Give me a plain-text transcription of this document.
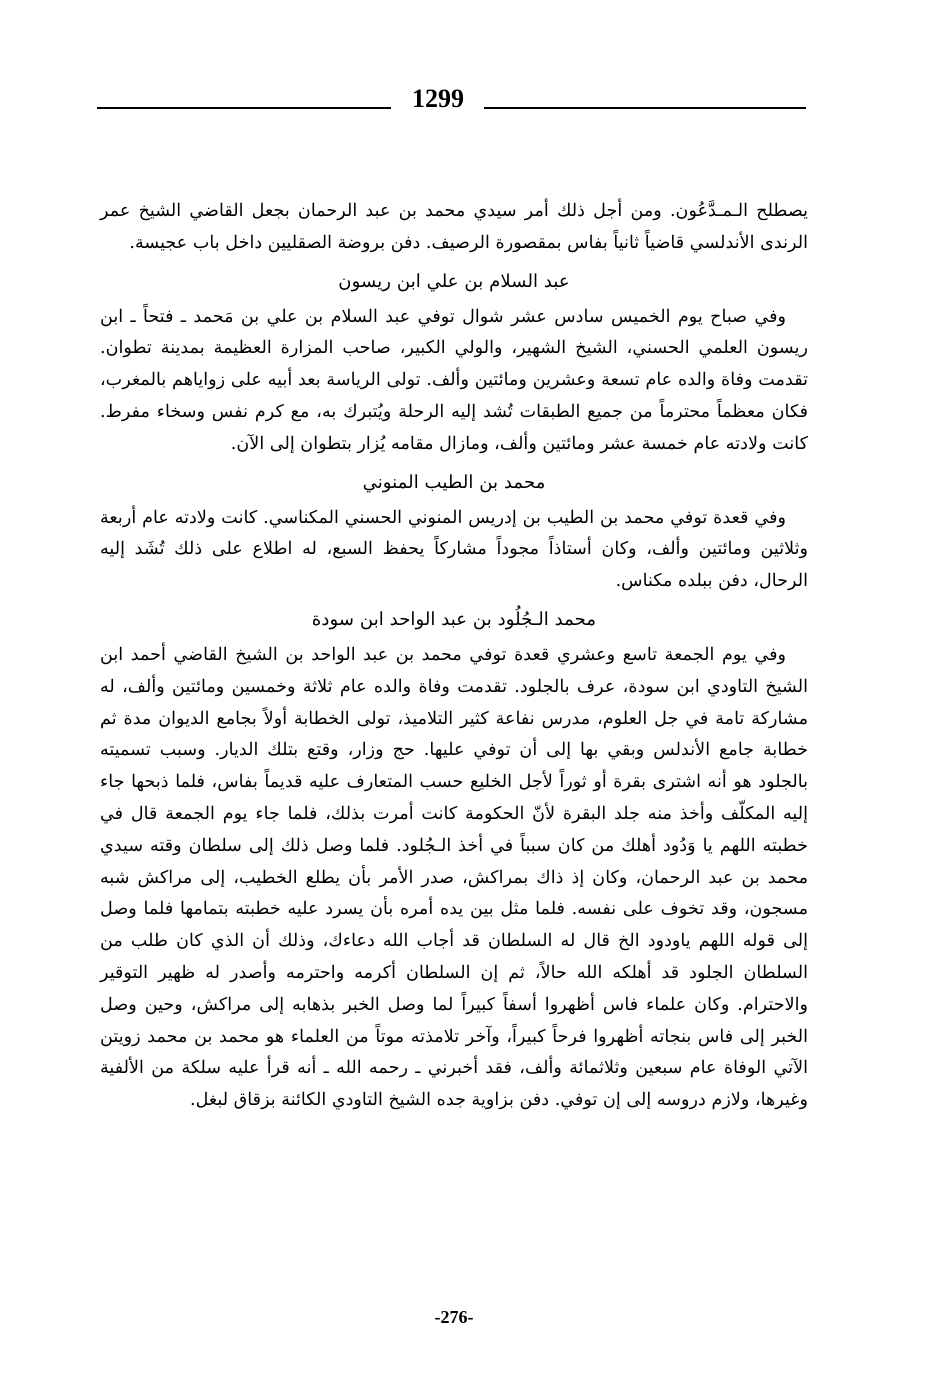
1299

يصطلح الـمـدَّعُون. ومن أجل ذلك أمر سيدي محمد بن عبد الرحمان بجعل القاضي الشيخ عمر الرندى الأندلسي قاضياً ثانياً بفاس بمقصورة الرصيف. دفن بروضة الصقليين داخل باب عجيسة.

عبد السلام بن علي ابن ريسون

وفي صباح يوم الخميس سادس عشر شوال توفي عبد السلام بن علي بن مَحمد ـ فتحاً ـ ابن ريسون العلمي الحسني، الشيخ الشهير، والولي الكبير، صاحب المزارة العظيمة بمدينة تطوان. تقدمت وفاة والده عام تسعة وعشرين ومائتين وألف. تولى الرياسة بعد أبيه على زواياهم بالمغرب، فكان معظماً محترماً من جميع الطبقات تُشد إليه الرحلة ويُتبرك به، مع كرم نفس وسخاء مفرط. كانت ولادته عام خمسة عشر ومائتين وألف، ومازال مقامه يُزار بتطوان إلى الآن.

محمد بن الطيب المنوني

وفي قعدة توفي محمد بن الطيب بن إدريس المنوني الحسني المكناسي. كانت ولادته عام أربعة وثلاثين ومائتين وألف، وكان أستاذاً مجوداً مشاركاً يحفظ السبع، له اطلاع على ذلك تُشَد إليه الرحال، دفن ببلده مكناس.

محمد الـجُلُود بن عبد الواحد ابن سودة

وفي يوم الجمعة تاسع وعشري قعدة توفي محمد بن عبد الواحد بن الشيخ القاضي أحمد ابن الشيخ التاودي ابن سودة، عرف بالجلود. تقدمت وفاة والده عام ثلاثة وخمسين ومائتين وألف، له مشاركة تامة في جل العلوم، مدرس نفاعة كثير التلاميذ، تولى الخطابة أولاً بجامع الديوان مدة ثم خطابة جامع الأندلس وبقي بها إلى أن توفي عليها. حج وزار، وقتع بتلك الديار. وسبب تسميته بالجلود هو أنه اشترى بقرة أو ثوراً لأجل الخليع حسب المتعارف عليه قديماً بفاس، فلما ذبحها جاء إليه المكلّف وأخذ منه جلد البقرة لأنّ الحكومة كانت أمرت بذلك، فلما جاء يوم الجمعة قال في خطبته اللهم يا وَدُود أهلك من كان سبباً في أخذ الـجُلود. فلما وصل ذلك إلى سلطان وقته سيدي محمد بن عبد الرحمان، وكان إذ ذاك بمراكش، صدر الأمر بأن يطلع الخطيب، إلى مراكش شبه مسجون، وقد تخوف على نفسه. فلما مثل بين يده أمره بأن يسرد عليه خطبته بتمامها فلما وصل إلى قوله اللهم ياودود الخ قال له السلطان قد أجاب الله دعاءك، وذلك أن الذي كان طلب من السلطان الجلود قد أهلكه الله حالاً، ثم إن السلطان أكرمه واحترمه وأصدر له ظهير التوقير والاحترام. وكان علماء فاس أظهروا أسفاً كبيراً لما وصل الخبر بذهابه إلى مراكش، وحين وصل الخبر إلى فاس بنجاته أظهروا فرحاً كبيراً، وآخر تلامذته موتاً من العلماء هو محمد بن محمد زويتن الآتي الوفاة عام سبعين وثلاثمائة وألف، فقد أخبرني ـ رحمه الله ـ أنه قرأ عليه سلكة من الألفية وغيرها، ولازم دروسه إلى إن توفي. دفن بزاوية جده الشيخ التاودي الكائنة بزقاق لبغل.

-276-
